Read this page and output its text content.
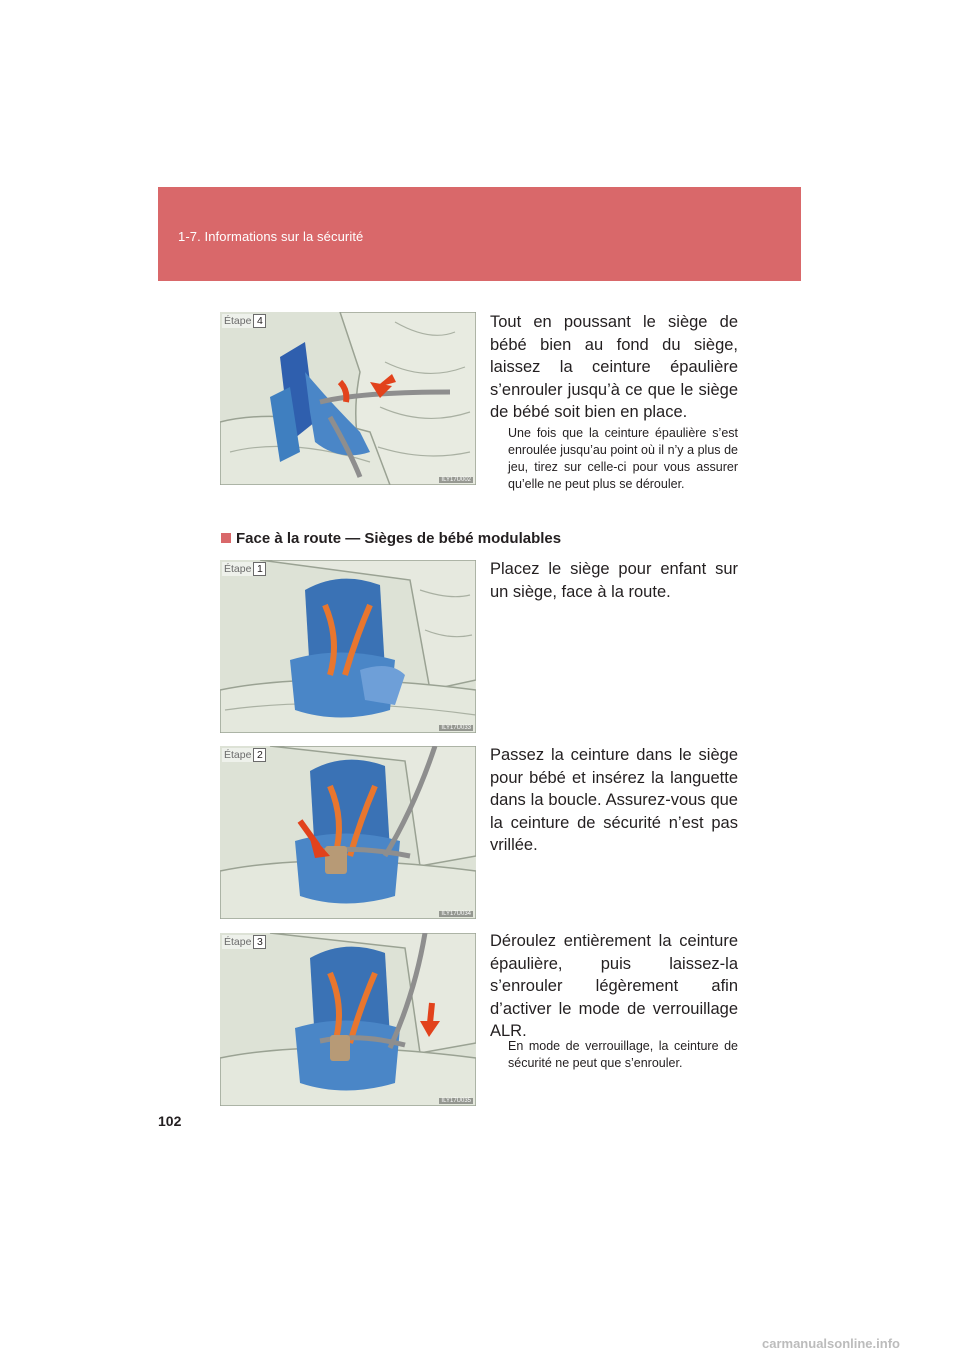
1-7. Informations sur la sécurité
Étape 4
ILY17U002
Tout en poussant le siège de bébé bien au fond du siège, laissez la ceinture épaulière s’enrouler jusqu’à ce que le siège de bébé soit bien en place.
Une fois que la ceinture épaulière s’est enroulée jusqu’au point où il n’y a plus de jeu, tirez sur celle-ci pour vous assurer qu’elle ne peut plus se dérouler.
Face à la route — Sièges de bébé modulables
Étape 1
ILY17U033
Placez le siège pour enfant sur un siège, face à la route.
Étape 2
ILY17U034
Passez la ceinture dans le siège pour bébé et insérez la languette dans la boucle. Assurez-vous que la ceinture de sécurité n’est pas vrillée.
Étape 3
ILY17U035
Déroulez entièrement la ceinture épaulière, puis laissez-la s’enrouler légèrement afin d’activer le mode de verrouillage ALR.
En mode de verrouillage, la ceinture de sécurité ne peut que s’enrouler.
102
carmanualsonline.info
